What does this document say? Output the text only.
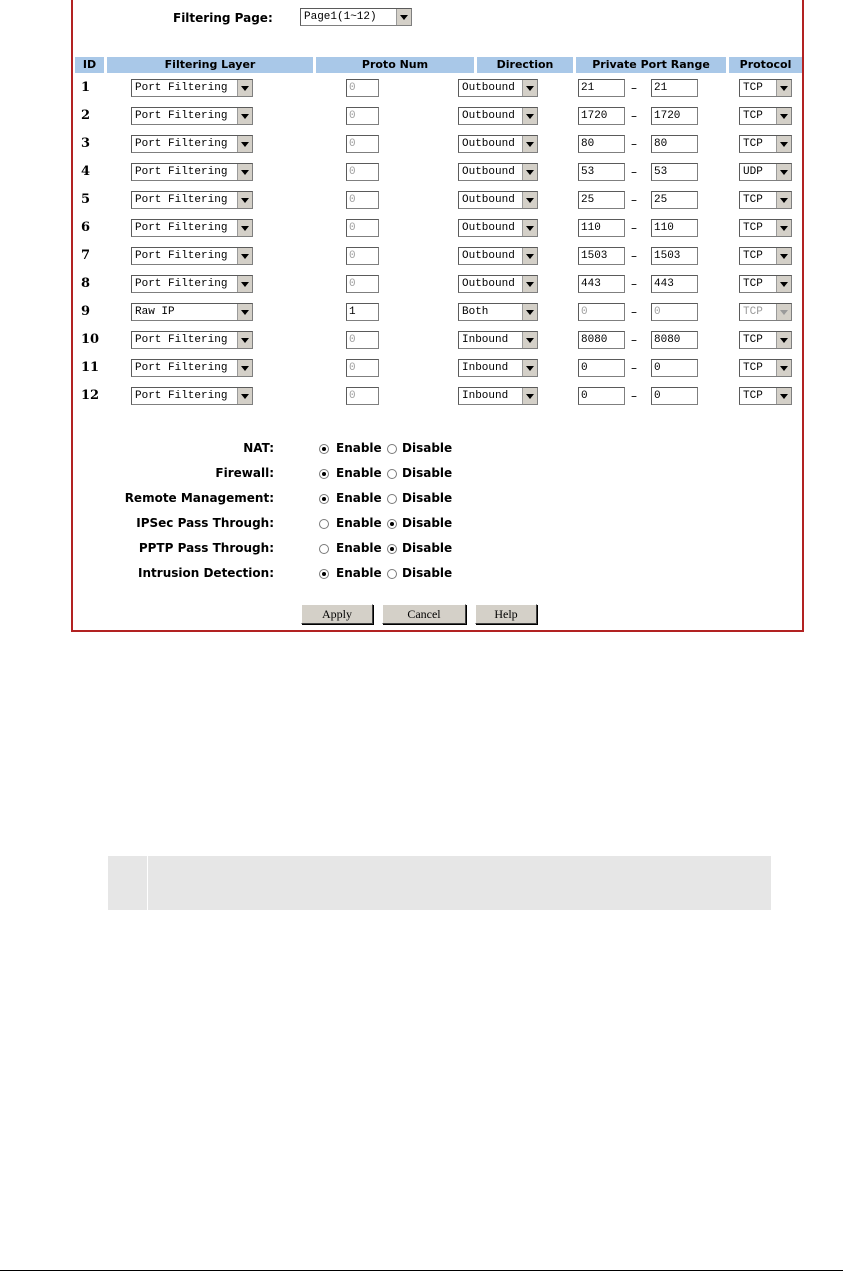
Filtering Page:	Page1(1~12)
ID	Filtering Layer	Proto Num	Direction	Private Port Range	Protocol
1	Port Filtering	0	Outbound	21	– 21	TCP
2	Port Filtering	0	Outbound	1720	– 1720	TCP
3	Port Filtering	0	Outbound	80	– 80	TCP
4	Port Filtering	0	Outbound	53	– 53	UDP
5	Port Filtering	0	Outbound	25	– 25	TCP
6	Port Filtering	0	Outbound	110	– 110	TCP
7	Port Filtering	0	Outbound	1503	– 1503	TCP
8	Port Filtering	0	Outbound	443	– 443	TCP
9	Raw IP	1	Both	0	– 0	TCP
10	Port Filtering	0	Inbound	8080	– 8080	TCP
11	Port Filtering	0	Inbound	0	– 0	TCP
12	Port Filtering	0	Inbound	0	– 0	TCP
NAT:	Enable Disable
Firewall:	Enable Disable
Remote Management:	Enable Disable
IPSec Pass Through:	Enable Disable
PPTP Pass Through:	Enable Disable
Intrusion Detection:	Enable Disable
Apply	Cancel	Help
